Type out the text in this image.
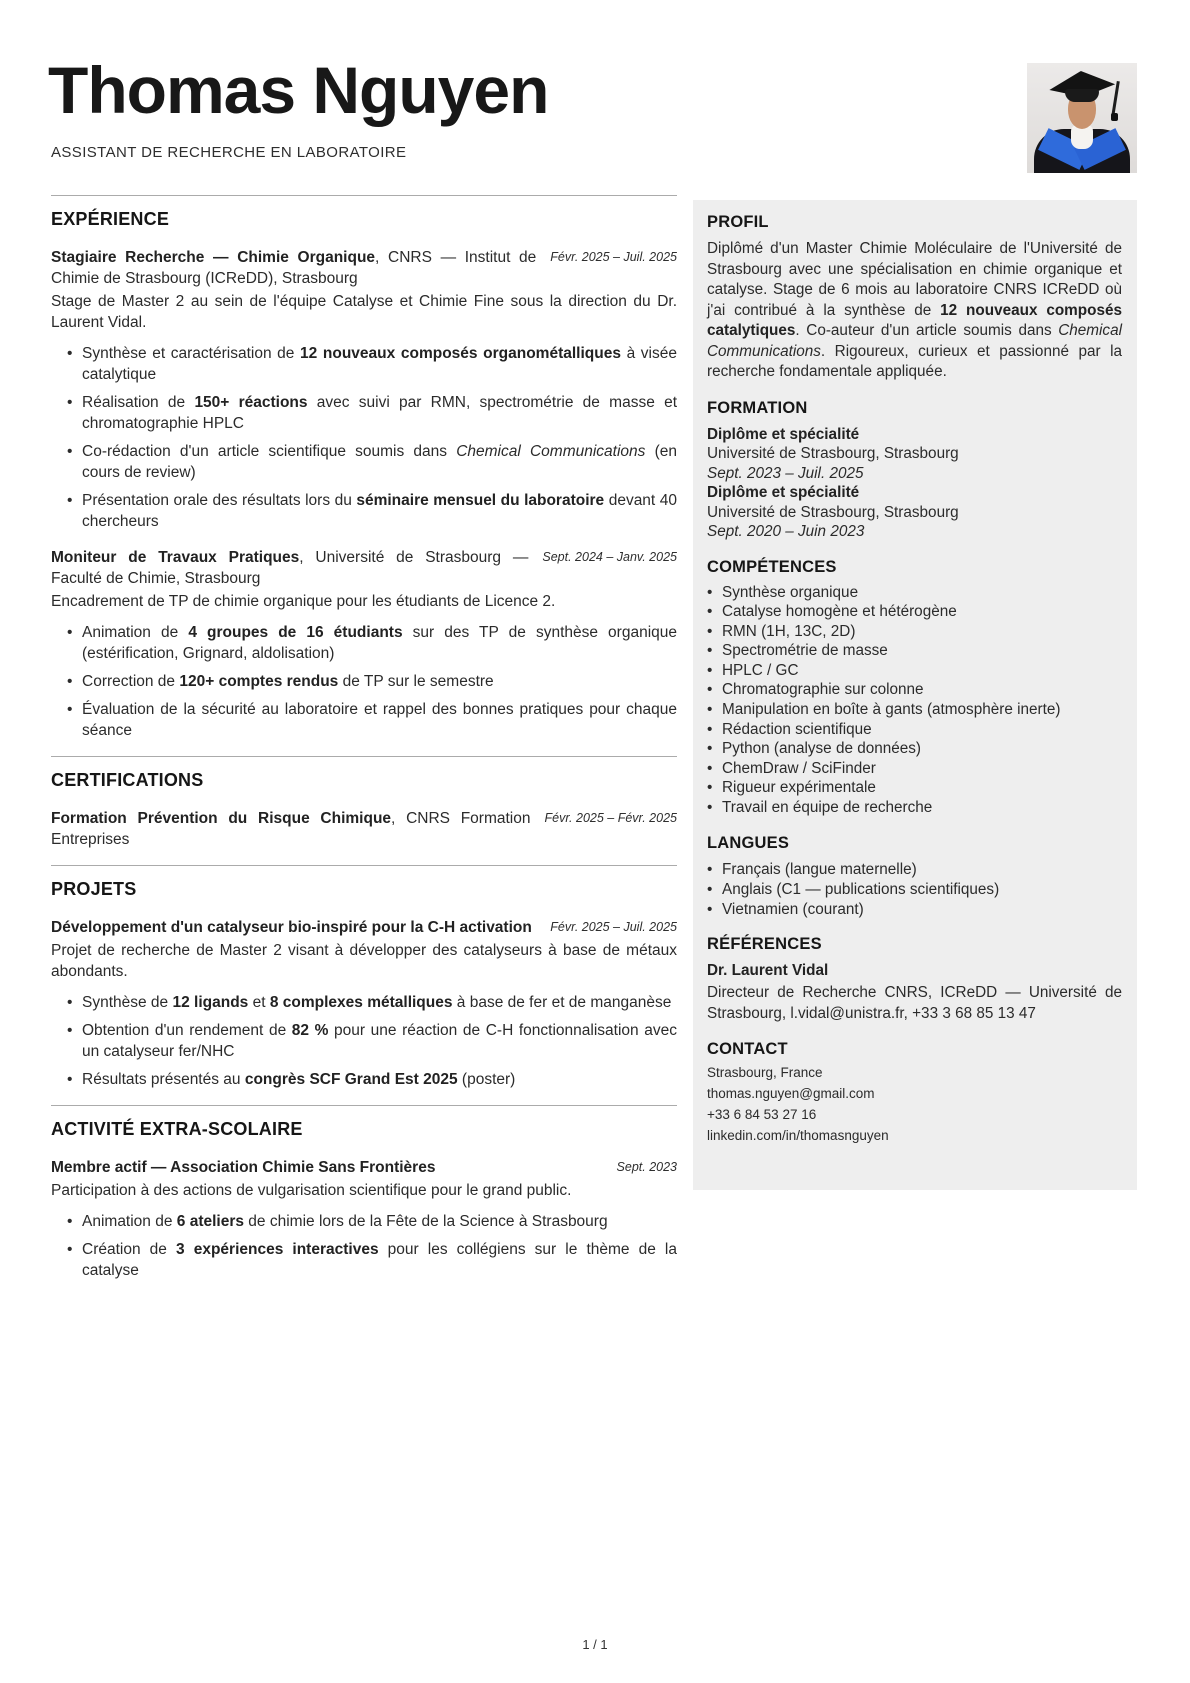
Thomas Nguyen
ASSISTANT DE RECHERCHE EN LABORATOIRE
EXPÉRIENCE

Févr. 2025 – Juil. 2025
Stagiaire Recherche — Chimie Organique, CNRS — Institut de Chimie de Strasbourg (ICReDD), Strasbourg

Stage de Master 2 au sein de l'équipe Catalyse et Chimie Fine sous la direction du Dr. Laurent Vidal.

• Synthèse et caractérisation de 12 nouveaux composés organométalliques à visée catalytique
• Réalisation de 150+ réactions avec suivi par RMN, spectrométrie de masse et chromatographie HPLC
• Co-rédaction d'un article scientifique soumis dans Chemical Communications (en cours de review)
• Présentation orale des résultats lors du séminaire mensuel du laboratoire devant 40 chercheurs

Sept. 2024 – Janv. 2025
Moniteur de Travaux Pratiques, Université de Strasbourg — Faculté de Chimie, Strasbourg

Encadrement de TP de chimie organique pour les étudiants de Licence 2.

• Animation de 4 groupes de 16 étudiants sur des TP de synthèse organique (estérification, Grignard, aldolisation)
• Correction de 120+ comptes rendus de TP sur le semestre
• Évaluation de la sécurité au laboratoire et rappel des bonnes pratiques pour chaque séance
CERTIFICATIONS

Févr. 2025 – Févr. 2025
Formation Prévention du Risque Chimique, CNRS Formation Entreprises

PROJETS

Févr. 2025 – Juil. 2025
Développement d'un catalyseur bio-inspiré pour la C-H activation

Projet de recherche de Master 2 visant à développer des catalyseurs à base de métaux abondants.

• Synthèse de 12 ligands et 8 complexes métalliques à base de fer et de manganèse
• Obtention d'un rendement de 82 % pour une réaction de C-H fonctionnalisation avec un catalyseur fer/NHC
• Résultats présentés au congrès SCF Grand Est 2025 (poster)
ACTIVITÉ EXTRA-SCOLAIRE

Sept. 2023
Membre actif — Association Chimie Sans Frontières

Participation à des actions de vulgarisation scientifique pour le grand public.

• Animation de 6 ateliers de chimie lors de la Fête de la Science à Strasbourg
• Création de 3 expériences interactives pour les collégiens sur le thème de la catalyse
PROFIL

Diplômé d'un Master Chimie Moléculaire de l'Université de Strasbourg avec une spécialisation en chimie organique et catalyse. Stage de 6 mois au laboratoire CNRS ICReDD où j'ai contribué à la synthèse de 12 nouveaux composés catalytiques. Co-auteur d'un article soumis dans Chemical Communications. Rigoureux, curieux et passionné par la recherche fondamentale appliquée.

FORMATION
Diplôme et spécialité
Université de Strasbourg, Strasbourg
Sept. 2023 – Juil. 2025
Diplôme et spécialité
Université de Strasbourg, Strasbourg
Sept. 2020 – Juin 2023
COMPÉTENCES
• Synthèse organique
• Catalyse homogène et hétérogène
• RMN (1H, 13C, 2D)
• Spectrométrie de masse
• HPLC / GC
• Chromatographie sur colonne
• Manipulation en boîte à gants (atmosphère inerte)
• Rédaction scientifique
• Python (analyse de données)
• ChemDraw / SciFinder
• Rigueur expérimentale
• Travail en équipe de recherche
LANGUES
• Français (langue maternelle)
• Anglais (C1 — publications scientifiques)
• Vietnamien (courant)
RÉFÉRENCES

Dr. Laurent Vidal

Directeur de Recherche CNRS, ICReDD — Université de Strasbourg, l.vidal@unistra.fr, +33 3 68 85 13 47

CONTACT

Strasbourg, France

thomas.nguyen@gmail.com

+33 6 84 53 27 16

linkedin.com/in/thomasnguyen

1 / 1
